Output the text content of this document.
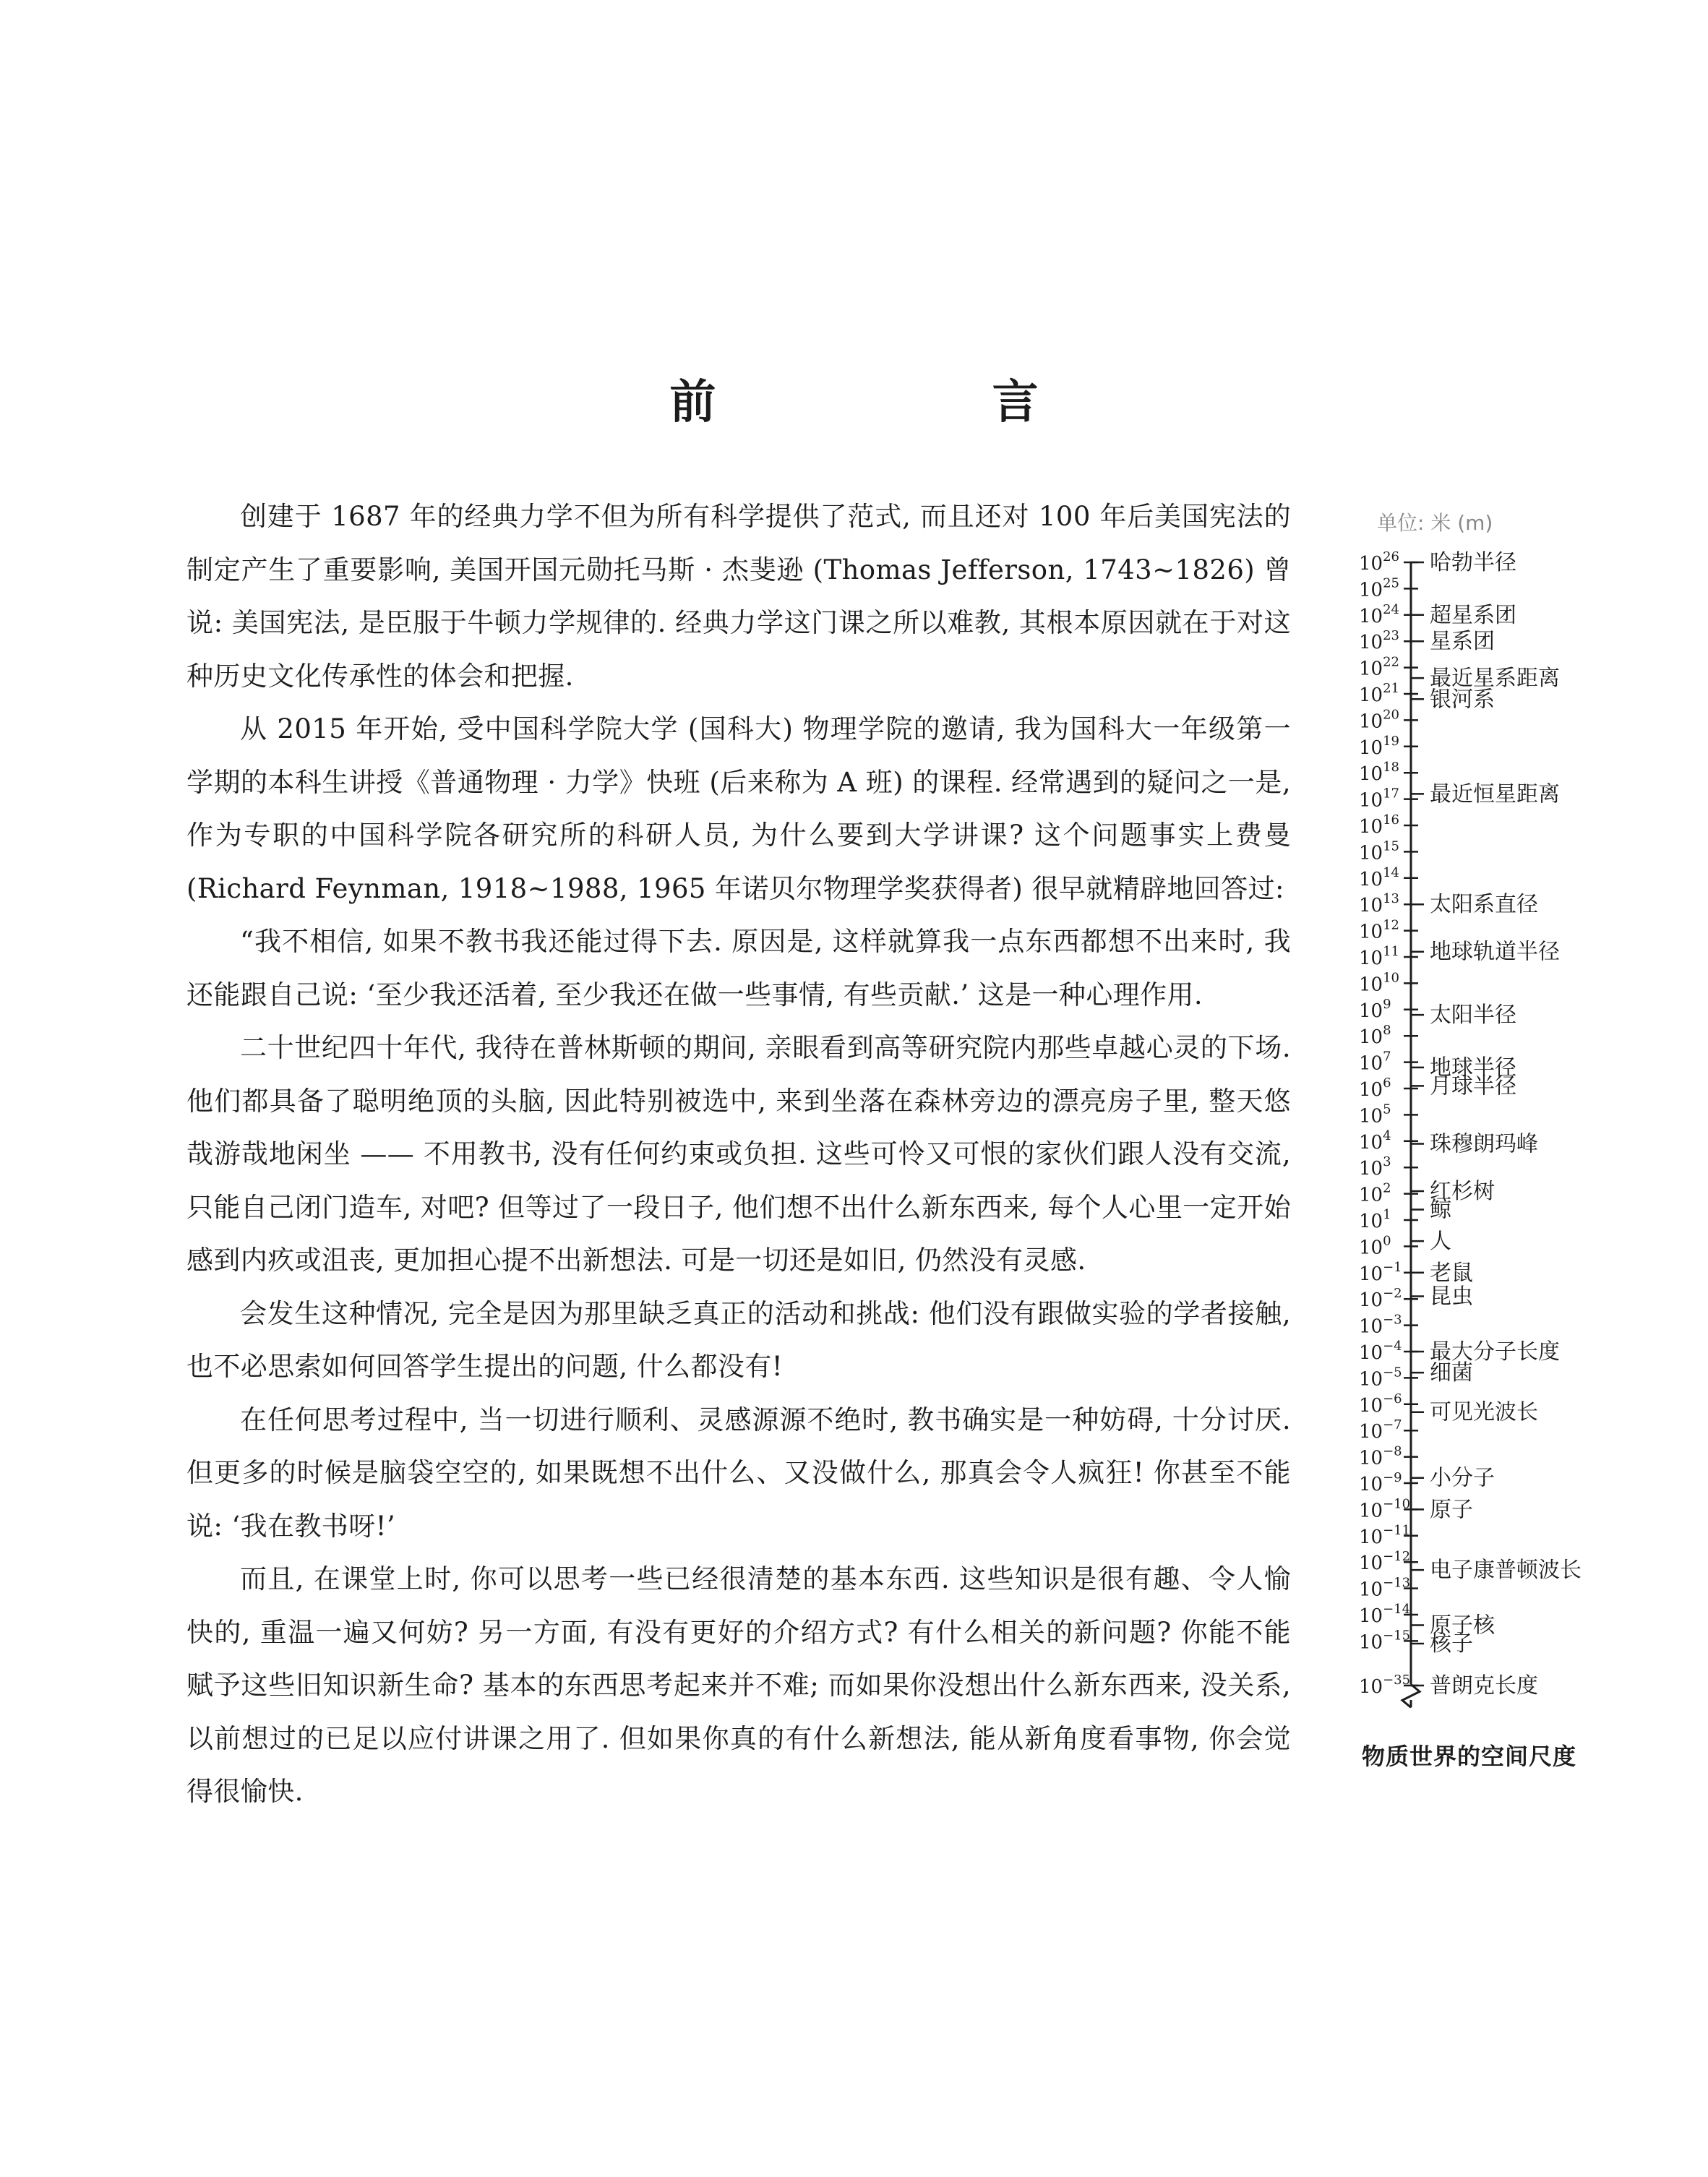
前 言

创建于 1687 年的经典力学不但为所有科学提供了范式, 而且还对 100 年后美国宪法的制定产生了重要影响, 美国开国元勋托马斯 · 杰斐逊 (Thomas Jefferson, 1743∼1826) 曾说: 美国宪法, 是臣服于牛顿力学规律的. 经典力学这门课之所以难教, 其根本原因就在于对这种历史文化传承性的体会和把握.

从 2015 年开始, 受中国科学院大学 (国科大) 物理学院的邀请, 我为国科大一年级第一学期的本科生讲授《普通物理 · 力学》快班 (后来称为 A 班) 的课程. 经常遇到的疑问之一是, 作为专职的中国科学院各研究所的科研人员, 为什么要到大学讲课? 这个问题事实上费曼 (Richard Feynman, 1918∼1988, 1965 年诺贝尔物理学奖获得者) 很早就精辟地回答过:

“我不相信, 如果不教书我还能过得下去. 原因是, 这样就算我一点东西都想不出来时, 我还能跟自己说: ‘至少我还活着, 至少我还在做一些事情, 有些贡献.’ 这是一种心理作用.

二十世纪四十年代, 我待在普林斯顿的期间, 亲眼看到高等研究院内那些卓越心灵的下场. 他们都具备了聪明绝顶的头脑, 因此特别被选中, 来到坐落在森林旁边的漂亮房子里, 整天悠哉游哉地闲坐 —— 不用教书, 没有任何约束或负担. 这些可怜又可恨的家伙们跟人没有交流, 只能自己闭门造车, 对吧? 但等过了一段日子, 他们想不出什么新东西来, 每个人心里一定开始感到内疚或沮丧, 更加担心提不出新想法. 可是一切还是如旧, 仍然没有灵感.

会发生这种情况, 完全是因为那里缺乏真正的活动和挑战: 他们没有跟做实验的学者接触, 也不必思索如何回答学生提出的问题, 什么都没有!

在任何思考过程中, 当一切进行顺利、灵感源源不绝时, 教书确实是一种妨碍, 十分讨厌. 但更多的时候是脑袋空空的, 如果既想不出什么、又没做什么, 那真会令人疯狂! 你甚至不能说: ‘我在教书呀!’

而且, 在课堂上时, 你可以思考一些已经很清楚的基本东西. 这些知识是很有趣、令人愉快的, 重温一遍又何妨? 另一方面, 有没有更好的介绍方式? 有什么相关的新问题? 你能不能赋予这些旧知识新生命? 基本的东西思考起来并不难; 而如果你没想出什么新东西来, 没关系, 以前想过的已足以应付讲课之用了. 但如果你真的有什么新想法, 能从新角度看事物, 你会觉得很愉快.

单位: 米 (m)
$10^{26}$
$10^{25}$
$10^{24}$
$10^{23}$
$10^{22}$
$10^{21}$
$10^{20}$
$10^{19}$
$10^{18}$
$10^{17}$
$10^{16}$
$10^{15}$
$10^{14}$
$10^{13}$
$10^{12}$
$10^{11}$
$10^{10}$
$10^9$
$10^8$
$10^7$
$10^6$
$10^5$
$10^4$
$10^3$
$10^2$
$10^1$
$10^0$
$10^{-1}$
$10^{-2}$
$10^{-3}$
$10^{-4}$
$10^{-5}$
$10^{-6}$
$10^{-7}$
$10^{-8}$
$10^{-9}$
$10^{-10}$
$10^{-11}$
$10^{-12}$
$10^{-13}$
$10^{-14}$
$10^{-15}$
$10^{-35}$
哈勃半径
超星系团
星系团
最近星系距离
银河系
最近恒星距离
太阳系直径
地球轨道半径
太阳半径
地球半径
月球半径
珠穆朗玛峰
红杉树
鲸
人
老鼠
昆虫
最大分子长度
细菌
可见光波长
小分子
原子
电子康普顿波长
原子核
核子
普朗克长度
物质世界的空间尺度
